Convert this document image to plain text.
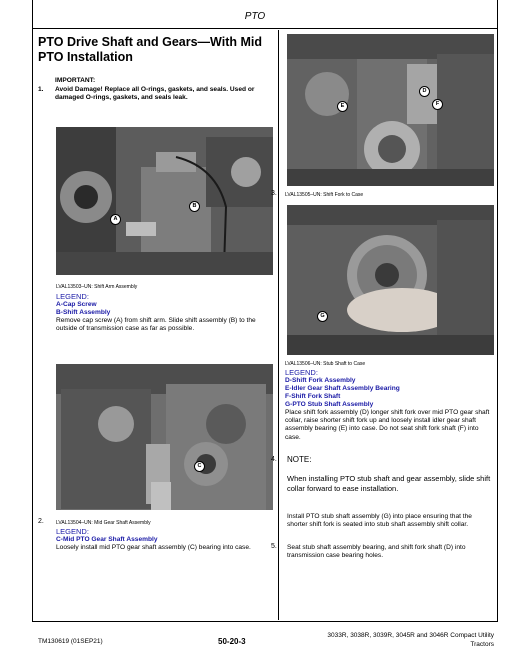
PTO
PTO Drive Shaft and Gears—With Mid PTO Installation
IMPORTANT:
1. Avoid Damage! Replace all O-rings, gaskets, and seals. Used or damaged O-rings, gaskets, and seals leak.
A
B
LVAL13503–UN: Shift Arm Assembly
LEGEND:
A-Cap Screw
B-Shift Assembly
Remove cap screw (A) from shift arm. Slide shift assembly (B) to the outside of transmission case as far as possible.
C
2. LVAL13504–UN: Mid Gear Shaft Assembly
LEGEND:
C-Mid PTO Gear Shaft Assembly
Loosely install mid PTO gear shaft assembly (C) bearing into case.
D
E	F
3. LVAL13505–UN: Shift Fork to Case
G
LVAL13506–UN: Stub Shaft to Case
LEGEND:
D-Shift Fork Assembly
E-Idler Gear Shaft Assembly Bearing
F-Shift Fork Shaft
G-PTO Stub Shaft Assembly
Place shift fork assembly (D) longer shift fork over mid PTO gear shaft collar, raise shorter shift fork up and loosely install idler gear shaft assembly bearing (E) into case. Do not seat shift fork shaft (F) into case.
4. NOTE:
When installing PTO stub shaft and gear assembly, slide shift collar forward to ease installation.
Install PTO stub shaft assembly (G) into place ensuring that the shorter shift fork is seated into stub shaft assembly shift collar.
5. Seat stub shaft assembly bearing, and shift fork shaft (D) into transmission case bearing holes.
TM130619 (01SEP21)	50-20-3
3033R, 3038R, 3039R, 3045R and 3046R Compact Utility
Tractors
